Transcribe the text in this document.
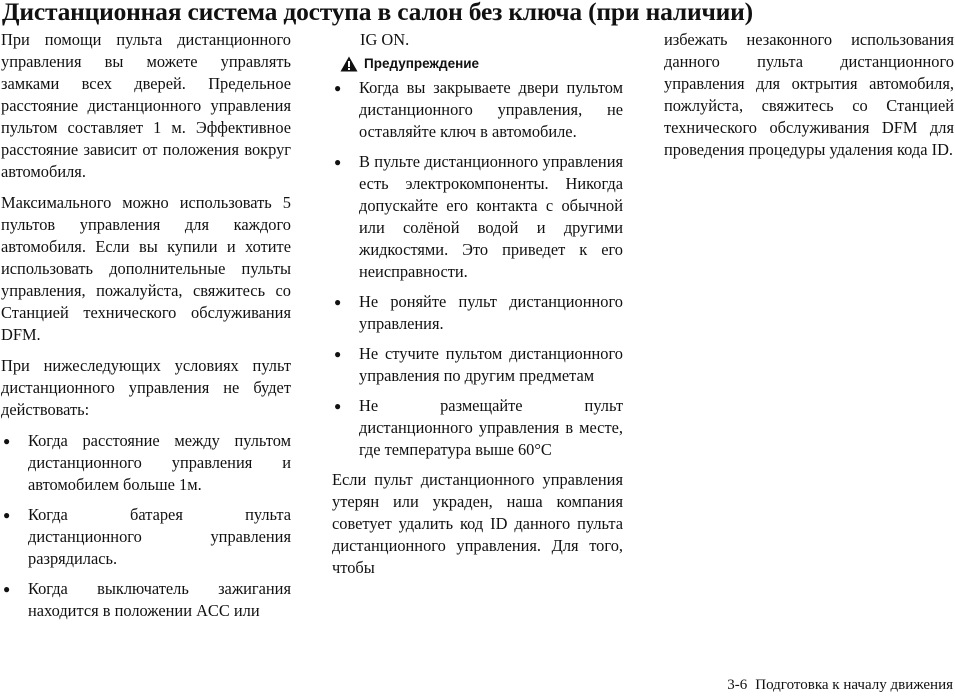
Дистанционная система доступа в салон без ключа (при наличии)

При помощи пульта дистанционного управления вы можете управлять замками всех дверей. Предельное расстояние дистанционного управления пультом составляет 1 м. Эффективное расстояние зависит от положения вокруг автомобиля.

Максимального можно использовать 5 пультов управления для каждого автомобиля. Если вы купили и хотите использовать дополнительные пульты управления, пожалуйста, свяжитесь со Станцией технического обслуживания DFM.

При нижеследующих условиях пульт дистанционного управления не будет действовать:

● Когда расстояние между пультом дистанционного управления и автомобилем больше 1м.
● Когда батарея пульта дистанционного управления разрядилась.
● Когда выключатель зажигания находится в положении ACC или

IG ON.

Предупреждение
● Когда вы закрываете двери пультом дистанционного управления, не оставляйте ключ в автомобиле.
● В пульте дистанционного управления есть электрокомпоненты. Никогда допускайте его контакта с обычной или солёной водой и другими жидкостями. Это приведет к его неисправности.
● Не роняйте пульт дистанционного управления.
● Не стучите пультом дистанционного управления по другим предметам
● Не размещайте пульт дистанционного управления в месте, где температура выше 60°C

Если пульт дистанционного управления утерян или украден, наша компания советует удалить код ID данного пульта дистанционного управления. Для того, чтобы

избежать незаконного использования данного пульта дистанционного управления для октрытия автомобиля, пожлуйста, свяжитесь со Станцией технического обслуживания DFM для проведения процедуры удаления кода ID.

3-6 Подготовка к началу движения
